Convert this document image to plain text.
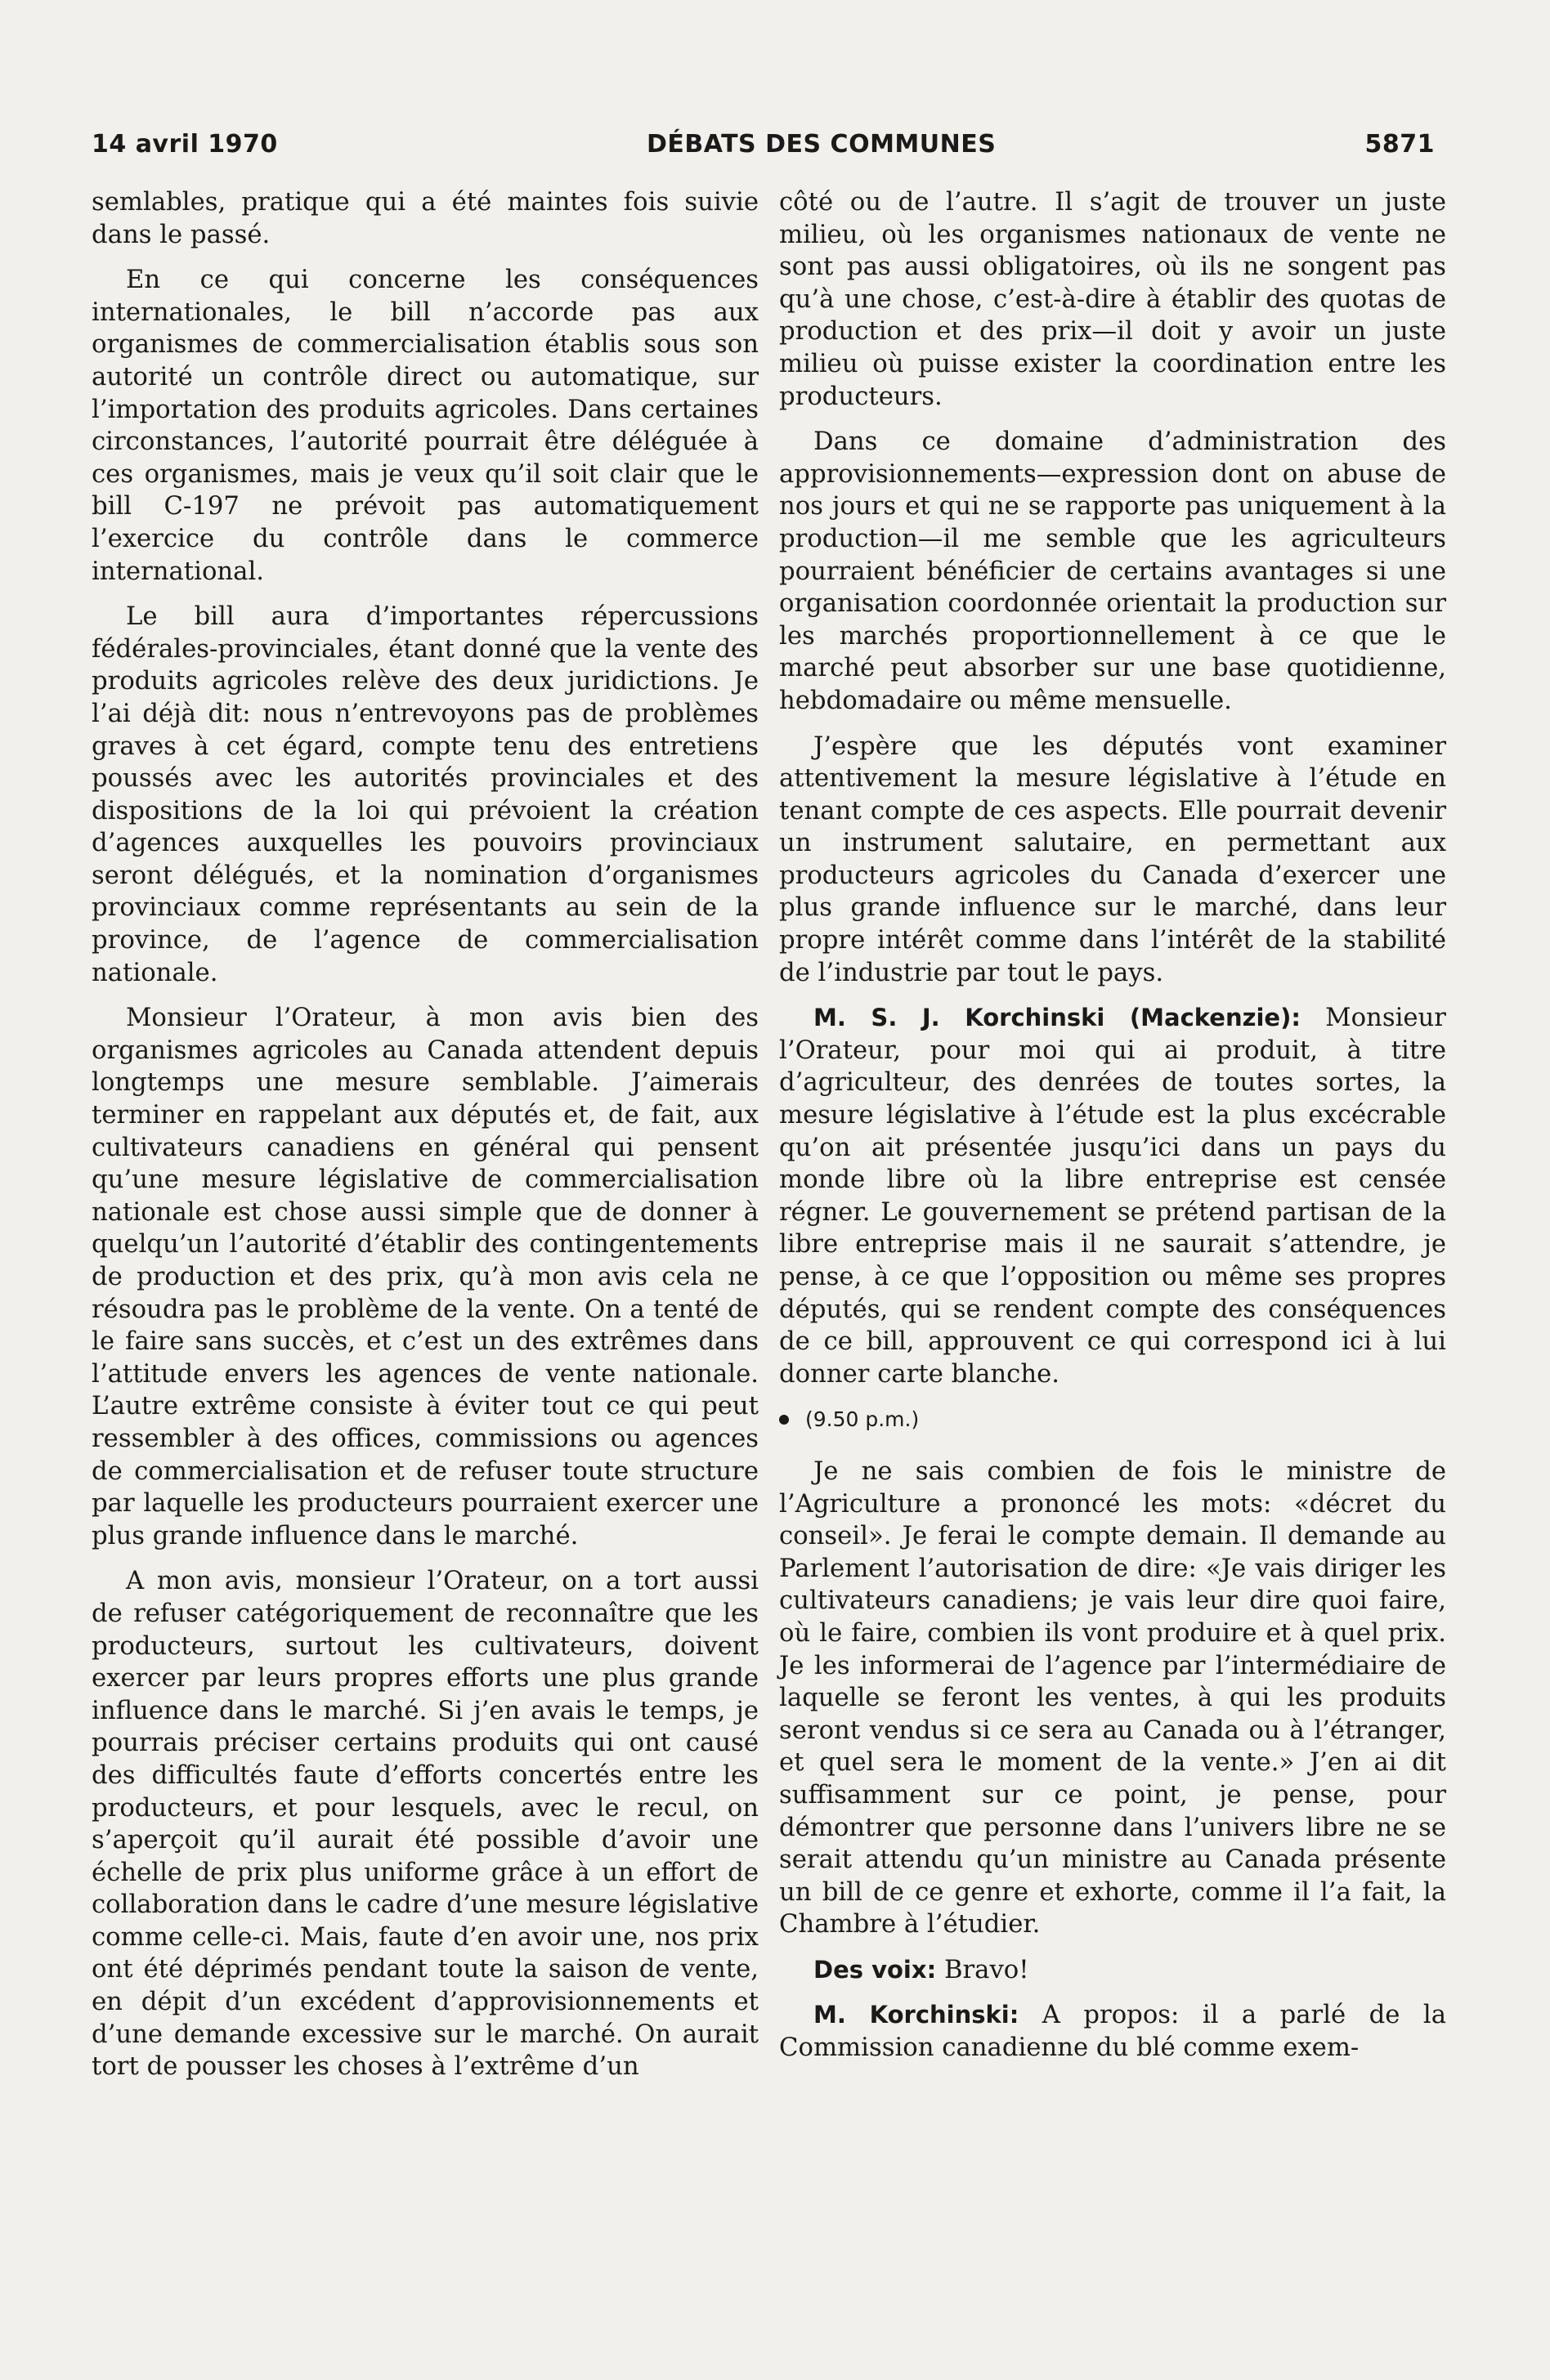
14 avril 1970	DÉBATS DES COMMUNES	5871

semlables, pratique qui a été maintes fois suivie dans le passé.

En ce qui concerne les conséquences internationales, le bill n’accorde pas aux organismes de commercialisation établis sous son autorité un contrôle direct ou automatique, sur l’importation des produits agricoles. Dans certaines circonstances, l’autorité pourrait être déléguée à ces organismes, mais je veux qu’il soit clair que le bill C-197 ne prévoit pas automatiquement l’exercice du contrôle dans le commerce international.

Le bill aura d’importantes répercussions fédérales-provinciales, étant donné que la vente des produits agricoles relève des deux juridictions. Je l’ai déjà dit: nous n’entrevoyons pas de problèmes graves à cet égard, compte tenu des entretiens poussés avec les autorités provinciales et des dispositions de la loi qui prévoient la création d’agences auxquelles les pouvoirs provinciaux seront délégués, et la nomination d’organismes provinciaux comme représentants au sein de la province, de l’agence de commercialisation nationale.

Monsieur l’Orateur, à mon avis bien des organismes agricoles au Canada attendent depuis longtemps une mesure semblable. J’aimerais terminer en rappelant aux députés et, de fait, aux cultivateurs canadiens en général qui pensent qu’une mesure législative de commercialisation nationale est chose aussi simple que de donner à quelqu’un l’autorité d’établir des contingentements de production et des prix, qu’à mon avis cela ne résoudra pas le problème de la vente. On a tenté de le faire sans succès, et c’est un des extrêmes dans l’attitude envers les agences de vente nationale. L’autre extrême consiste à éviter tout ce qui peut ressembler à des offices, commissions ou agences de commercialisation et de refuser toute structure par laquelle les producteurs pourraient exercer une plus grande influence dans le marché.

A mon avis, monsieur l’Orateur, on a tort aussi de refuser catégoriquement de reconnaître que les producteurs, surtout les cultivateurs, doivent exercer par leurs propres efforts une plus grande influence dans le marché. Si j’en avais le temps, je pourrais préciser certains produits qui ont causé des difficultés faute d’efforts concertés entre les producteurs, et pour lesquels, avec le recul, on s’aperçoit qu’il aurait été possible d’avoir une échelle de prix plus uniforme grâce à un effort de collaboration dans le cadre d’une mesure législative comme celle-ci. Mais, faute d’en avoir une, nos prix ont été déprimés pendant toute la saison de vente, en dépit d’un excédent d’approvisionnements et d’une demande excessive sur le marché. On aurait tort de pousser les choses à l’extrême d’un

côté ou de l’autre. Il s’agit de trouver un juste milieu, où les organismes nationaux de vente ne sont pas aussi obligatoires, où ils ne songent pas qu’à une chose, c’est-à-dire à établir des quotas de production et des prix—il doit y avoir un juste milieu où puisse exister la coordination entre les producteurs.

Dans ce domaine d’administration des approvisionnements—expression dont on abuse de nos jours et qui ne se rapporte pas uniquement à la production—il me semble que les agriculteurs pourraient bénéficier de certains avantages si une organisation coordonnée orientait la production sur les marchés proportionnellement à ce que le marché peut absorber sur une base quotidienne, hebdomadaire ou même mensuelle.

J’espère que les députés vont examiner attentivement la mesure législative à l’étude en tenant compte de ces aspects. Elle pourrait devenir un instrument salutaire, en permettant aux producteurs agricoles du Canada d’exercer une plus grande influence sur le marché, dans leur propre intérêt comme dans l’intérêt de la stabilité de l’industrie par tout le pays.

M. S. J. Korchinski (Mackenzie): Monsieur l’Orateur, pour moi qui ai produit, à titre d’agriculteur, des denrées de toutes sortes, la mesure législative à l’étude est la plus excécrable qu’on ait présentée jusqu’ici dans un pays du monde libre où la libre entreprise est censée régner. Le gouvernement se prétend partisan de la libre entreprise mais il ne saurait s’attendre, je pense, à ce que l’opposition ou même ses propres députés, qui se rendent compte des conséquences de ce bill, approuvent ce qui correspond ici à lui donner carte blanche.

(9.50 p.m.)

Je ne sais combien de fois le ministre de l’Agriculture a prononcé les mots: «décret du conseil». Je ferai le compte demain. Il demande au Parlement l’autorisation de dire: «Je vais diriger les cultivateurs canadiens; je vais leur dire quoi faire, où le faire, combien ils vont produire et à quel prix. Je les informerai de l’agence par l’intermédiaire de laquelle se feront les ventes, à qui les produits seront vendus si ce sera au Canada ou à l’étranger, et quel sera le moment de la vente.» J’en ai dit suffisamment sur ce point, je pense, pour démontrer que personne dans l’univers libre ne se serait attendu qu’un ministre au Canada présente un bill de ce genre et exhorte, comme il l’a fait, la Chambre à l’étudier.

Des voix: Bravo!

M. Korchinski: A propos: il a parlé de la Commission canadienne du blé comme exem-
